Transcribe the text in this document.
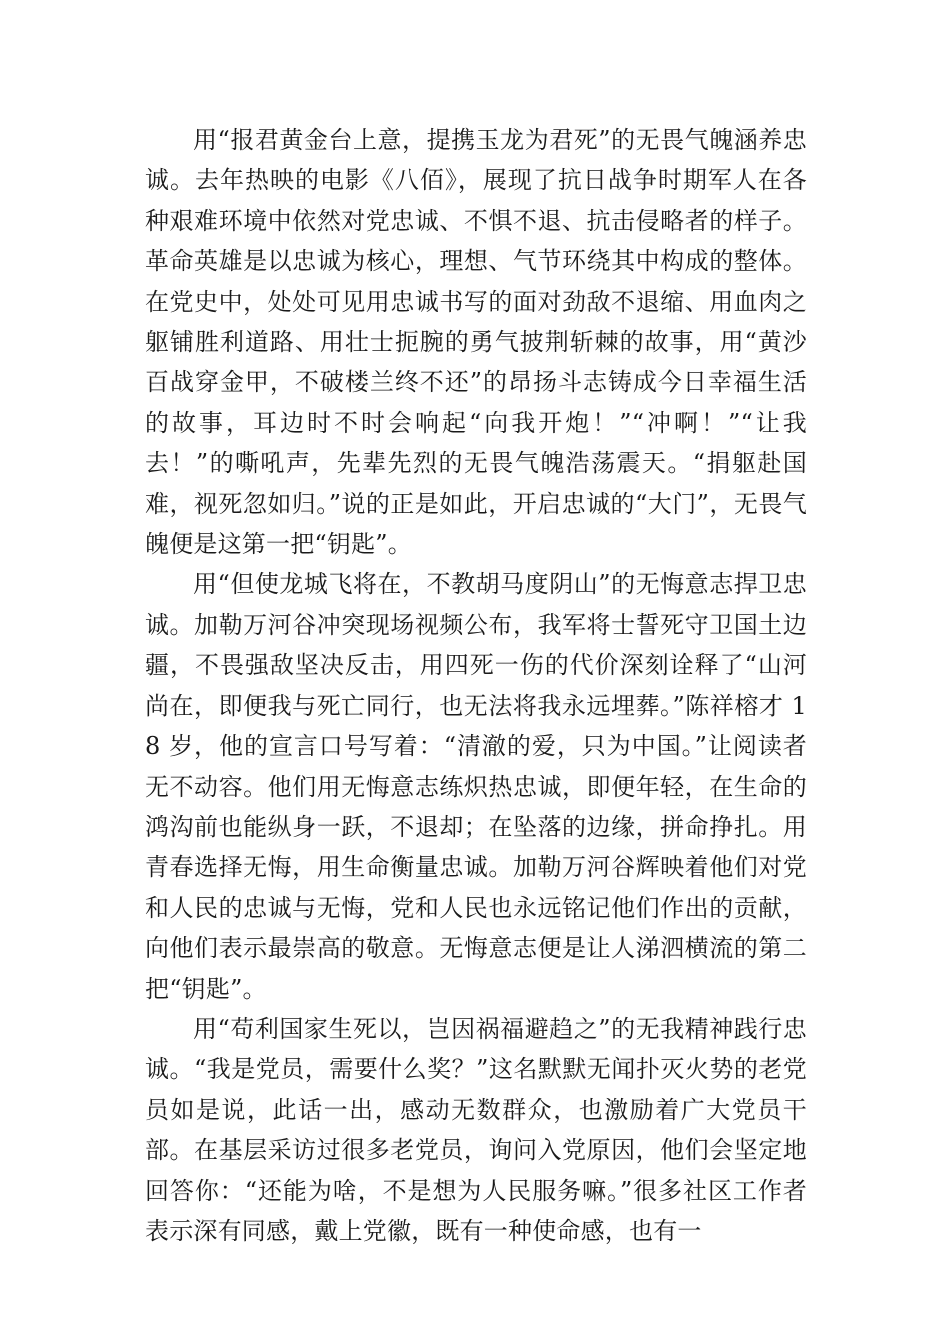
用“报君黄金台上意，提携玉龙为君死”的无畏气魄涵养忠诚。去年热映的电影《八佰》，展现了抗日战争时期军人在各种艰难环境中依然对党忠诚、不惧不退、抗击侵略者的样子。革命英雄是以忠诚为核心，理想、气节环绕其中构成的整体。在党史中，处处可见用忠诚书写的面对劲敌不退缩、用血肉之躯铺胜利道路、用壮士扼腕的勇气披荆斩棘的故事，用“黄沙百战穿金甲，不破楼兰终不还”的昂扬斗志铸成今日幸福生活的故事，耳边时不时会响起“向我开炮！”“冲啊！”“让我去！”的嘶吼声，先辈先烈的无畏气魄浩荡震天。“捐躯赴国难，视死忽如归。”说的正是如此，开启忠诚的“大门”，无畏气魄便是这第一把“钥匙”。

用“但使龙城飞将在，不教胡马度阴山”的无悔意志捍卫忠诚。加勒万河谷冲突现场视频公布，我军将士誓死守卫国土边疆，不畏强敌坚决反击，用四死一伤的代价深刻诠释了“山河尚在，即便我与死亡同行，也无法将我永远埋葬。”陈祥榕才 18 岁，他的宣言口号写着：“清澈的爱，只为中国。”让阅读者无不动容。他们用无悔意志练炽热忠诚，即便年轻，在生命的鸿沟前也能纵身一跃，不退却；在坠落的边缘，拼命挣扎。用青春选择无悔，用生命衡量忠诚。加勒万河谷辉映着他们对党和人民的忠诚与无悔，党和人民也永远铭记他们作出的贡献，向他们表示最崇高的敬意。无悔意志便是让人涕泗横流的第二把“钥匙”。

用“苟利国家生死以，岂因祸福避趋之”的无我精神践行忠诚。“我是党员，需要什么奖？”这名默默无闻扑灭火势的老党员如是说，此话一出，感动无数群众，也激励着广大党员干部。在基层采访过很多老党员，询问入党原因，他们会坚定地回答你：“还能为啥，不是想为人民服务嘛。”很多社区工作者表示深有同感，戴上党徽，既有一种使命感，也有一
